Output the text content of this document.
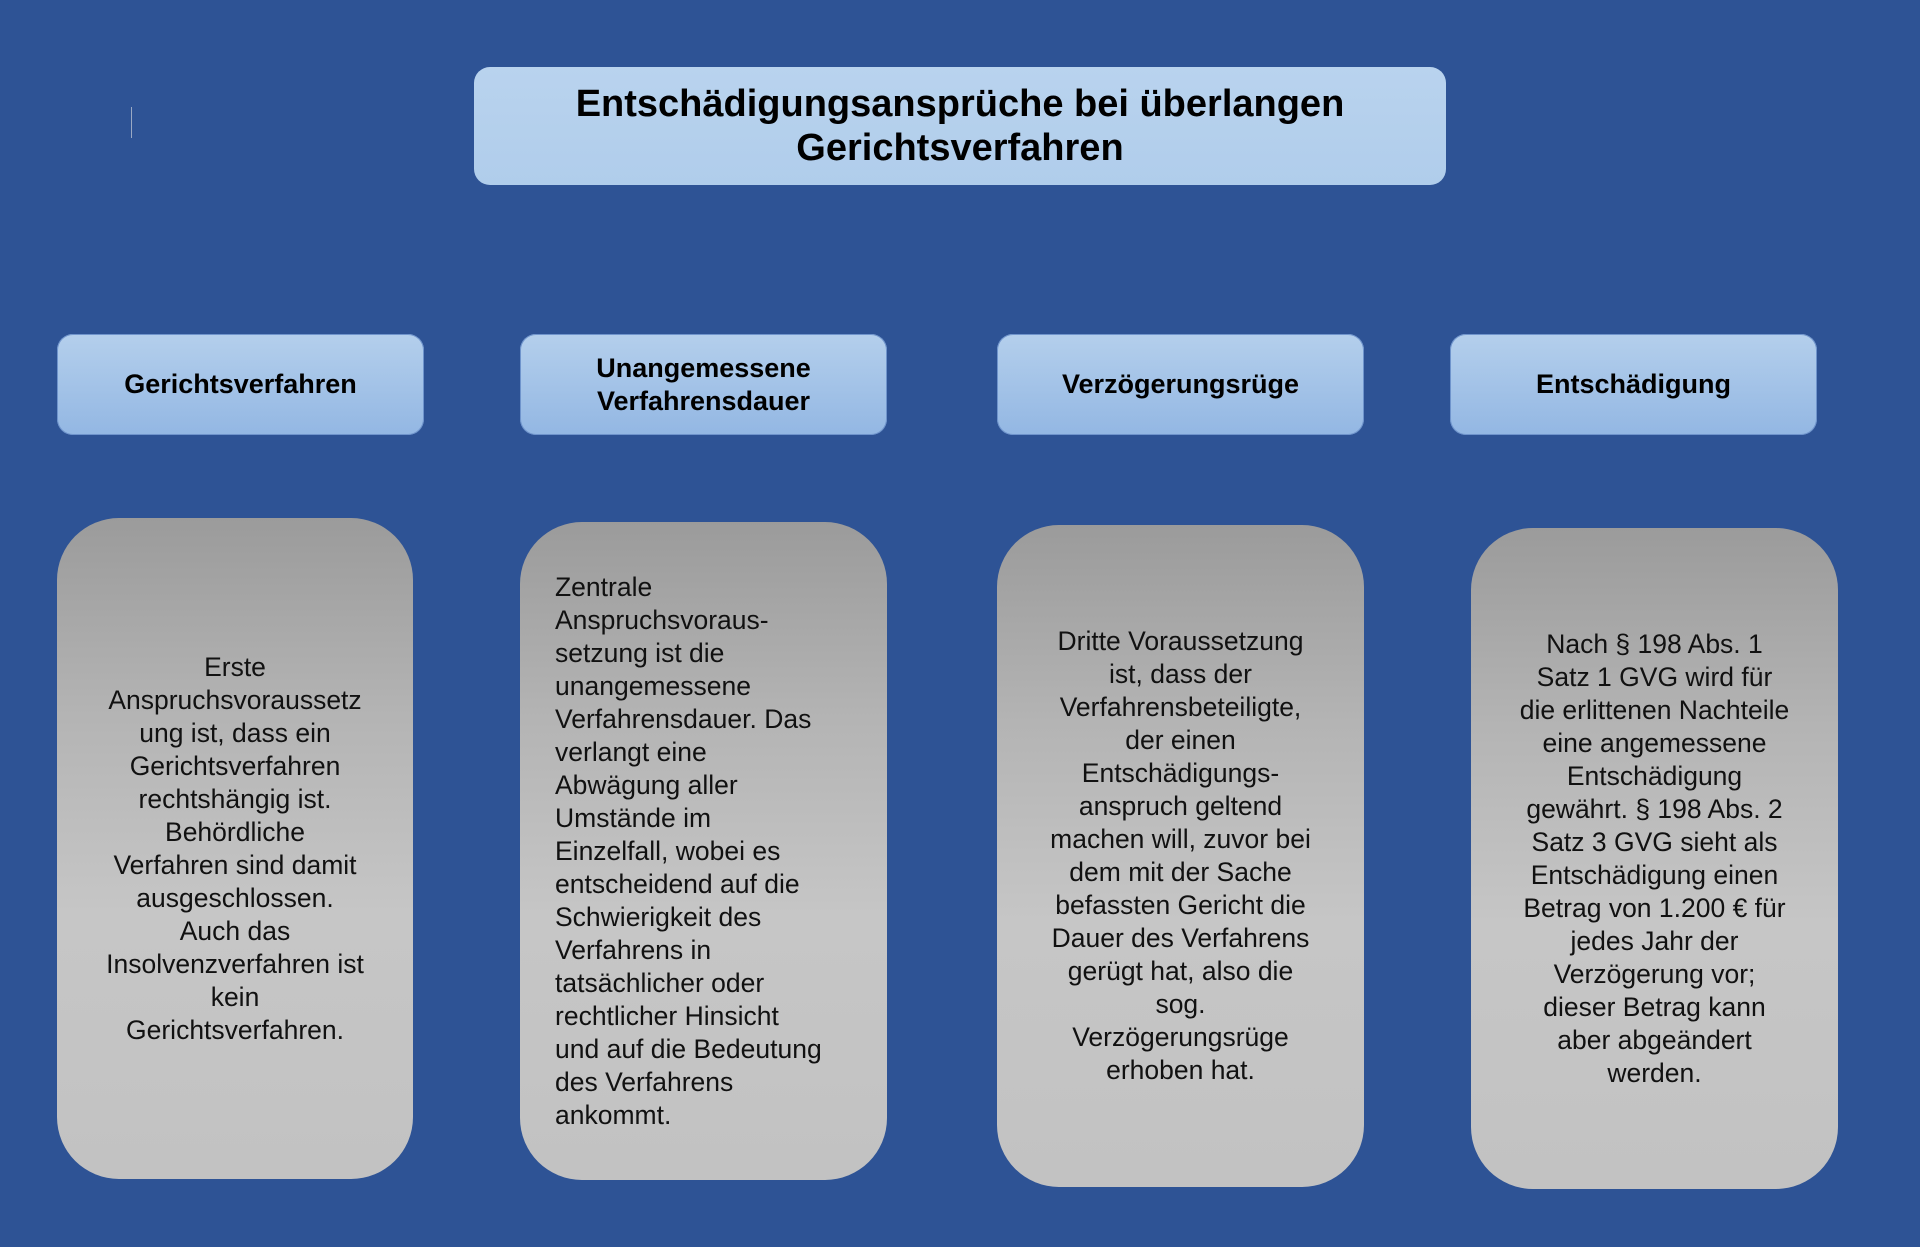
Entschädigungsansprüche bei überlangen
Gerichtsverfahren
Gerichtsverfahren
Unangemessene
Verfahrensdauer
Verzögerungsrüge	Entschädigung
Erste
Anspruchsvoraussetz
ung ist, dass ein
Gerichtsverfahren
rechtshängig ist.
Behördliche
Verfahren sind damit
ausgeschlossen.
Auch das
Insolvenzverfahren ist
kein
Gerichtsverfahren.
Zentrale
Anspruchsvoraus-
setzung ist die
unangemessene
Verfahrensdauer. Das
verlangt eine
Abwägung aller
Umstände im
Einzelfall, wobei es
entscheidend auf die
Schwierigkeit des
Verfahrens in
tatsächlicher oder
rechtlicher Hinsicht
und auf die Bedeutung
des Verfahrens
ankommt.
Dritte Voraussetzung
ist, dass der
Verfahrensbeteiligte,
der einen
Entschädigungs-
anspruch geltend
machen will, zuvor bei
dem mit der Sache
befassten Gericht die
Dauer des Verfahrens
gerügt hat, also die
sog.
Verzögerungsrüge
erhoben hat.
Nach § 198 Abs. 1
Satz 1 GVG wird für
die erlittenen Nachteile
eine angemessene
Entschädigung
gewährt. § 198 Abs. 2
Satz 3 GVG sieht als
Entschädigung einen
Betrag von 1.200 € für
jedes Jahr der
Verzögerung vor;
dieser Betrag kann
aber abgeändert
werden.
